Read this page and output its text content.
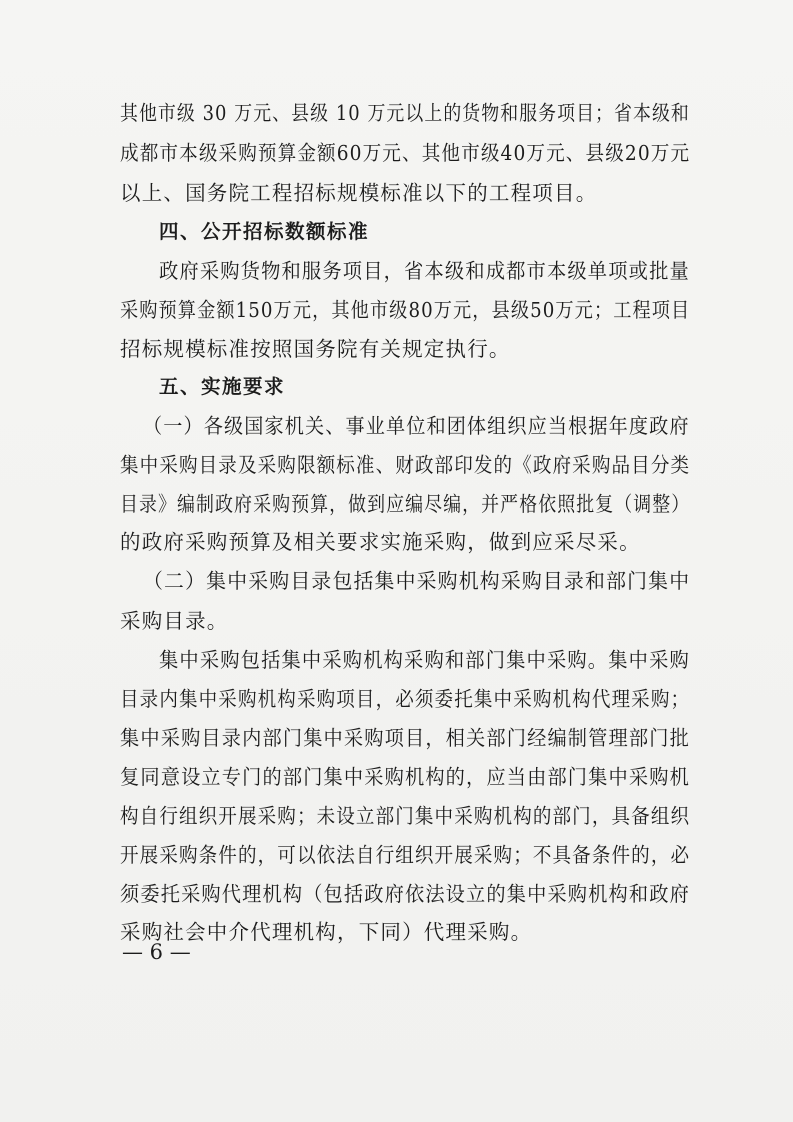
其他市级 30 万元、县级 10 万元以上的货物和服务项目；省本级和
成都市本级采购预算金额60万元、其他市级40万元、县级20万元
以上、国务院工程招标规模标准以下的工程项目。
四、公开招标数额标准
政府采购货物和服务项目，省本级和成都市本级单项或批量
采购预算金额150万元，其他市级80万元，县级50万元；工程项目
招标规模标准按照国务院有关规定执行。
五、实施要求
（一）各级国家机关、事业单位和团体组织应当根据年度政府
集中采购目录及采购限额标准、财政部印发的《政府采购品目分类
目录》编制政府采购预算，做到应编尽编，并严格依照批复（调整）
的政府采购预算及相关要求实施采购，做到应采尽采。
（二）集中采购目录包括集中采购机构采购目录和部门集中
采购目录。
集中采购包括集中采购机构采购和部门集中采购。集中采购
目录内集中采购机构采购项目，必须委托集中采购机构代理采购；
集中采购目录内部门集中采购项目，相关部门经编制管理部门批
复同意设立专门的部门集中采购机构的，应当由部门集中采购机
构自行组织开展采购；未设立部门集中采购机构的部门，具备组织
开展采购条件的，可以依法自行组织开展采购；不具备条件的，必
须委托采购代理机构（包括政府依法设立的集中采购机构和政府
采购社会中介代理机构，下同）代理采购。
— 6 —
